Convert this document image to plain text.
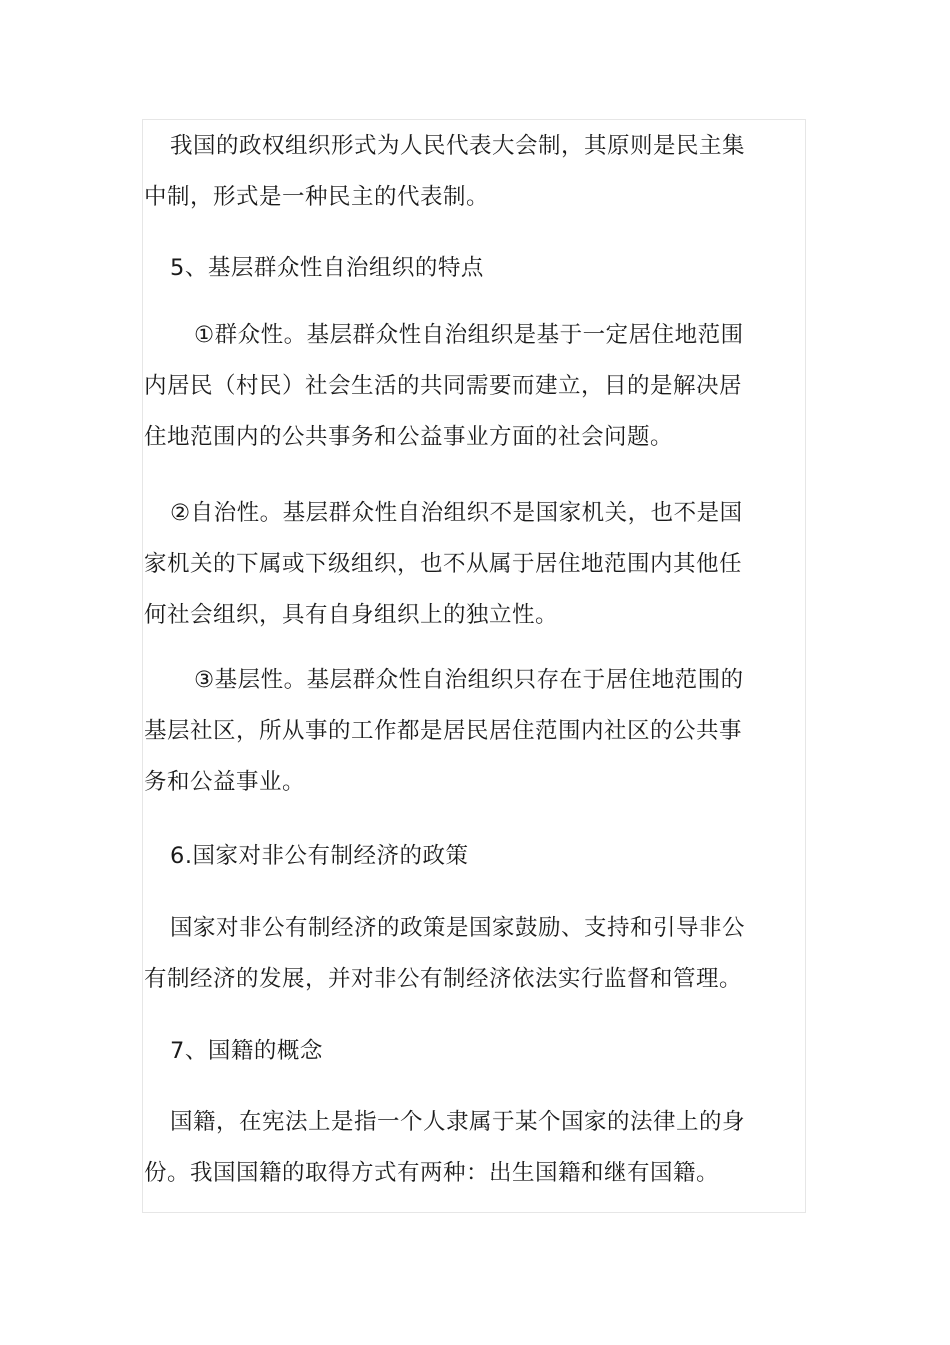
我国的政权组织形式为人民代表大会制，其原则是民主集
中制，形式是一种民主的代表制。

5、基层群众性自治组织的特点

①群众性。基层群众性自治组织是基于一定居住地范围
内居民（村民）社会生活的共同需要而建立，目的是解决居
住地范围内的公共事务和公益事业方面的社会问题。

②自治性。基层群众性自治组织不是国家机关，也不是国
家机关的下属或下级组织，也不从属于居住地范围内其他任
何社会组织，具有自身组织上的独立性。

③基层性。基层群众性自治组织只存在于居住地范围的
基层社区，所从事的工作都是居民居住范围内社区的公共事
务和公益事业。

6.国家对非公有制经济的政策

国家对非公有制经济的政策是国家鼓励、支持和引导非公
有制经济的发展，并对非公有制经济依法实行监督和管理。

7、国籍的概念

国籍，在宪法上是指一个人隶属于某个国家的法律上的身
份。我国国籍的取得方式有两种：出生国籍和继有国籍。
